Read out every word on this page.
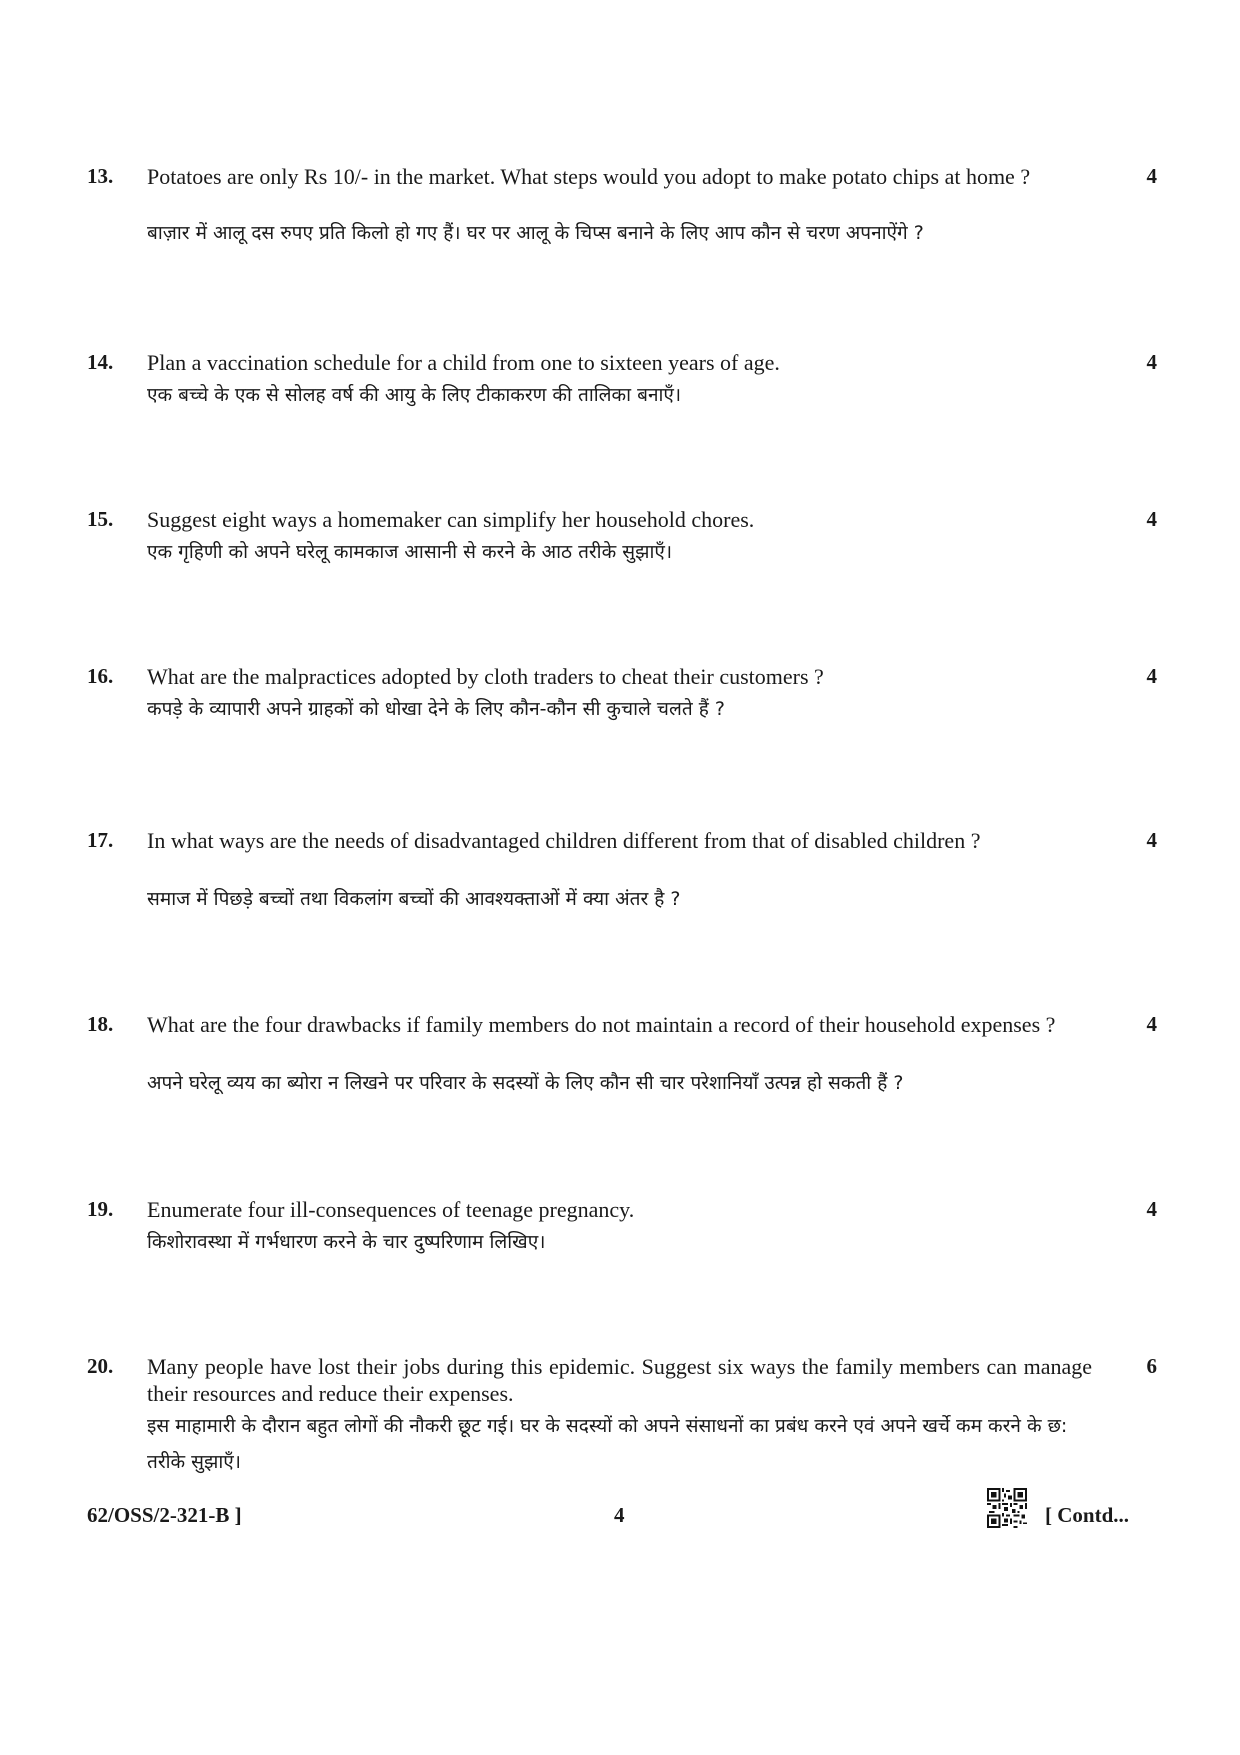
13. Potatoes are only Rs 10/- in the market. What steps would you adopt to make potato chips at home ?
बाज़ार में आलू दस रुपए प्रति किलो हो गए हैं। घर पर आलू के चिप्स बनाने के लिए आप कौन से चरण अपनाऐंगे ?
4
14. Plan a vaccination schedule for a child from one to sixteen years of age.
एक बच्चे के एक से सोलह वर्ष की आयु के लिए टीकाकरण की तालिका बनाएँ।
4
15. Suggest eight ways a homemaker can simplify her household chores.
एक गृहिणी को अपने घरेलू कामकाज आसानी से करने के आठ तरीके सुझाएँ।
4
16. What are the malpractices adopted by cloth traders to cheat their customers ?
कपड़े के व्यापारी अपने ग्राहकों को धोखा देने के लिए कौन-कौन सी कुचाले चलते हैं ?
4
17. In what ways are the needs of disadvantaged children different from that of disabled children ?
समाज में पिछड़े बच्चों तथा विकलांग बच्चों की आवश्यक्ताओं में क्या अंतर है ?
4
18. What are the four drawbacks if family members do not maintain a record of their household expenses ?
अपने घरेलू व्यय का ब्योरा न लिखने पर परिवार के सदस्यों के लिए कौन सी चार परेशानियाँ उत्पन्न हो सकती हैं ?
4
19. Enumerate four ill-consequences of teenage pregnancy.
किशोरावस्था में गर्भधारण करने के चार दुष्परिणाम लिखिए।
4
20. Many people have lost their jobs during this epidemic. Suggest six ways the family members can manage their resources and reduce their expenses.
इस माहामारी के दौरान बहुत लोगों की नौकरी छूट गई। घर के सदस्यों को अपने संसाधनों का प्रबंध करने एवं अपने खर्चे कम करने के छ: तरीके सुझाएँ।
6
62/OSS/2-321-B ]	4	[ Contd...
